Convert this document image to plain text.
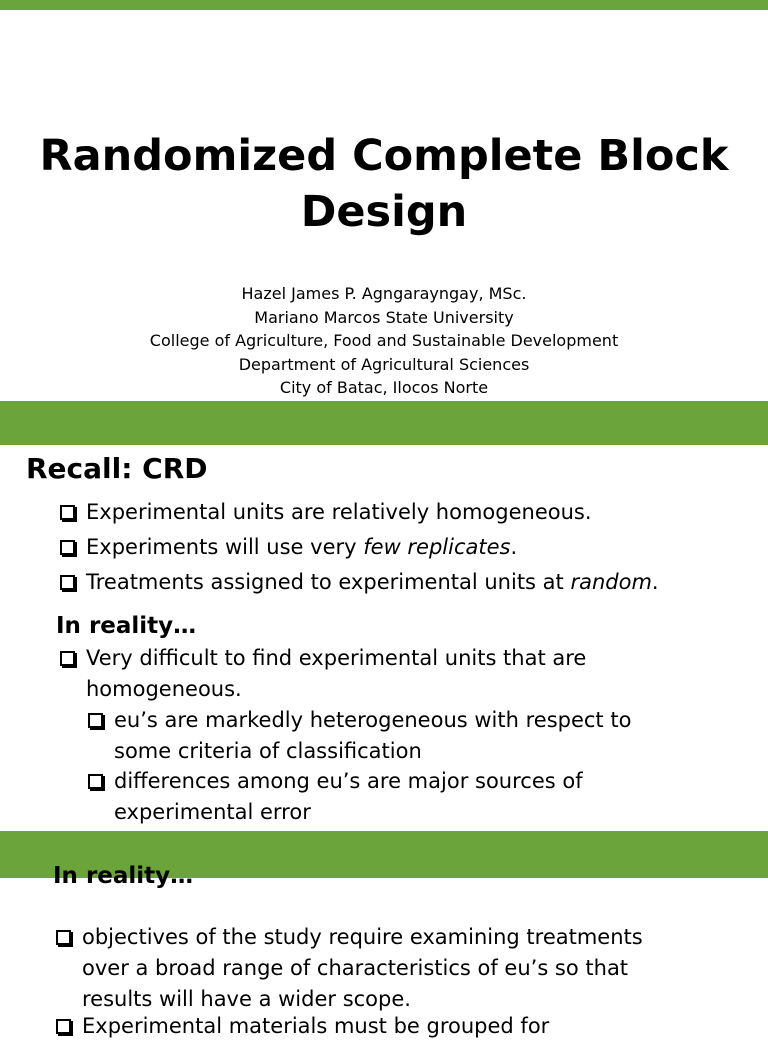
Randomized Complete Block
Design
Hazel James P. Agngarayngay, MSc.
Mariano Marcos State University
College of Agriculture, Food and Sustainable Development
Department of Agricultural Sciences
City of Batac, Ilocos Norte
Recall: CRD
Experimental units are relatively homogeneous.
Experiments will use very few replicates.
Treatments assigned to experimental units at random.
In reality…
Very difficult to find experimental units that are
homogeneous.
eu’s are markedly heterogeneous with respect to
some criteria of classification
differences among eu’s are major sources of
experimental error
In reality…
objectives of the study require examining treatments
over a broad range of characteristics of eu’s so that
results will have a wider scope.
Experimental materials must be grouped for
